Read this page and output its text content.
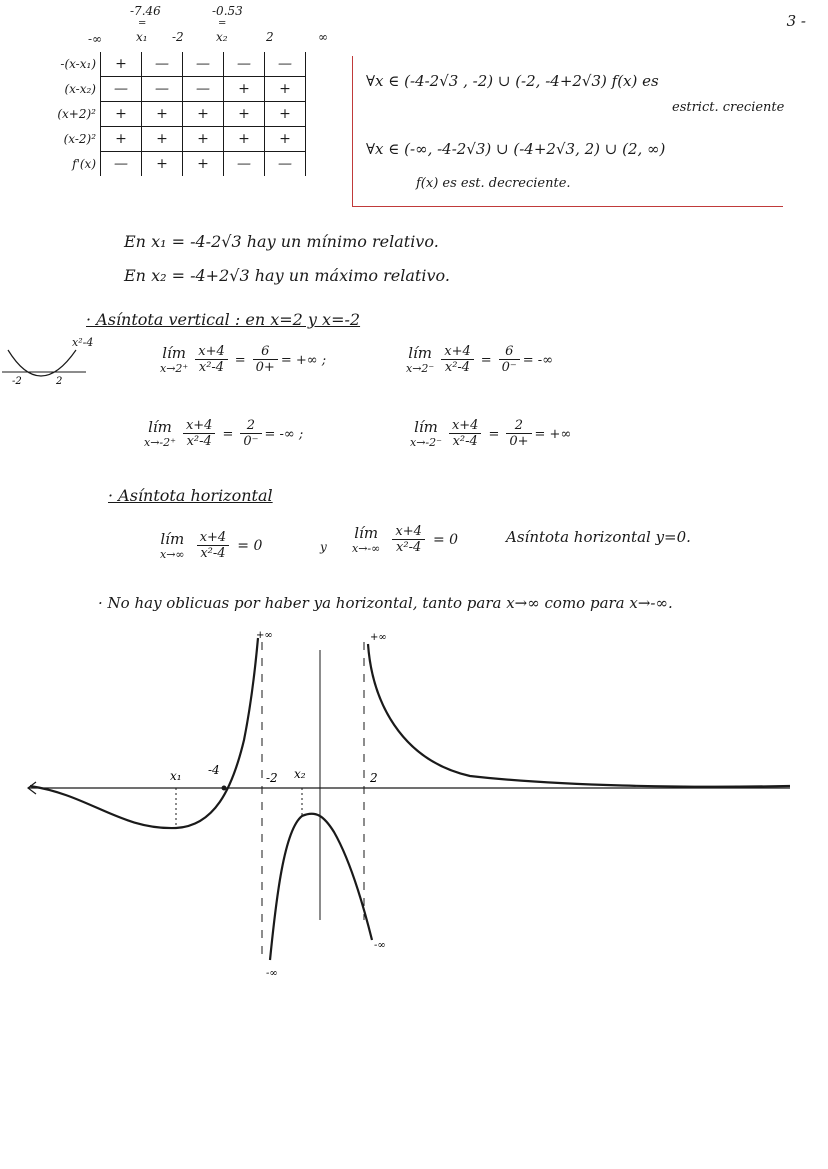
3 -
-7.46	-0.53
=	=
-∞	x₁ -2	x₂	2	∞
-(x-x₁)	+	—	—	—	—
(x-x₂)	—	—	—	+	+
(x+2)²	+	+	+	+	+
(x-2)²	+	+	+	+	+
f'(x)	—	+	+	—	—
∀x ∈ (-4-2√3 , -2) ∪ (-2, -4+2√3) f(x) es
estrict. creciente
∀x ∈ (-∞, -4-2√3) ∪ (-4+2√3, 2) ∪ (2, ∞)
f(x) es est. decreciente.
En x₁ = -4-2√3 hay un mínimo relativo.
En x₂ = -4+2√3 hay un máximo relativo.
· Asíntota vertical : en x=2 y x=-2
x²-4
-2	2
lím
$x\to 2^+ \frac{x+4}{\text{x²-4}} = \frac{6}{0+}$ = +∞ ;	lím
$x\to 2^- \frac{x+4}{\text{x²-4}} = \frac{6}{0^-}$ = -∞
lím
$x\to-2^+ \frac{x+4}{\text{x²-4}} = \frac{2}{0^-}$ = -∞ ;	lím
$x\to-2^- \frac{x+4}{\text{x²-4}} = \frac{2}{0+}$ = +∞
· Asíntota horizontal
lím
x→∞
$\frac{x+4}{\text{x²-4}} = 0$	y
lím
x→-∞
$\frac{x+4}{\text{x²-4}} = 0$	Asíntota horizontal y=0.
· No hay oblicuas por haber ya horizontal, tanto para x→∞ como para x→-∞.
x₁ -4
-2 x₂	2
+∞	+∞
-∞
-∞
